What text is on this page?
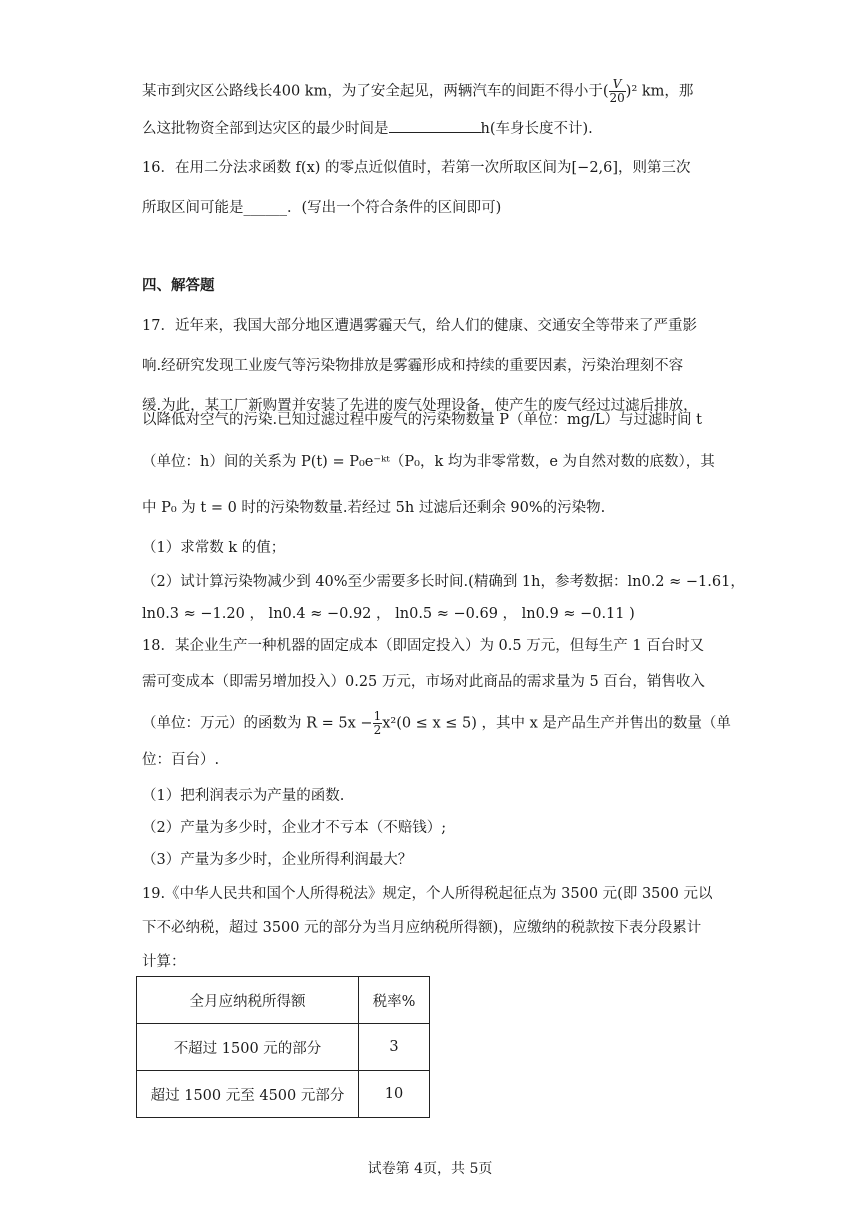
某市到灾区公路线长400 km，为了安全起见，两辆汽车的间距不得小于( $\frac{V}{20} )^2$ km，那
么这批物资全部到达灾区的最少时间是	h(车身长度不计).
16．在用二分法求函数 f(x) 的零点近似值时，若第一次所取区间为[−2,6]，则第三次
所取区间可能是______．(写出一个符合条件的区间即可)
四、解答题
17．近年来，我国大部分地区遭遇雾霾天气，给人们的健康、交通安全等带来了严重影
响.经研究发现工业废气等污染物排放是雾霾形成和持续的重要因素，污染治理刻不容
缓.为此，某工厂新购置并安装了先进的废气处理设备，使产生的废气经过过滤后排放，
以降低对空气的污染.已知过滤过程中废气的污染物数量 P（单位：mg/L）与过滤时间 t
（单位：h）间的关系为 P(t) = P₀e⁻ᵏᵗ（P₀，k 均为非零常数，e 为自然对数的底数），其
中 P₀ 为 t = 0 时的污染物数量.若经过 5h 过滤后还剩余 90%的污染物.
（1）求常数 k 的值；
（2）试计算污染物减少到 40%至少需要多长时间.(精确到 1h，参考数据：ln0.2 ≈ −1.61，
ln0.3 ≈ −1.20 ， ln0.4 ≈ −0.92 ， ln0.5 ≈ −0.69 ， ln0.9 ≈ −0.11 )
18．某企业生产一种机器的固定成本（即固定投入）为 0.5 万元，但每生产 1 百台时又
需可变成本（即需另增加投入）0.25 万元，市场对此商品的需求量为 5 百台，销售收入
（单位：万元）的函数为 $R = 5x - \frac{1}{2} x^2(0 \le x \le 5)$ ，其中 x 是产品生产并售出的数量（单
位：百台）.
（1）把利润表示为产量的函数.
（2）产量为多少时，企业才不亏本（不赔钱）;
（3）产量为多少时，企业所得利润最大？
19.《中华人民共和国个人所得税法》规定，个人所得税起征点为 3500 元(即 3500 元以
下不必纳税，超过 3500 元的部分为当月应纳税所得额)，应缴纳的税款按下表分段累计
计算：
全月应纳税所得额	税率%
不超过 1500 元的部分	3
超过 1500 元至 4500 元部分	10
试卷第 4页，共 5页
